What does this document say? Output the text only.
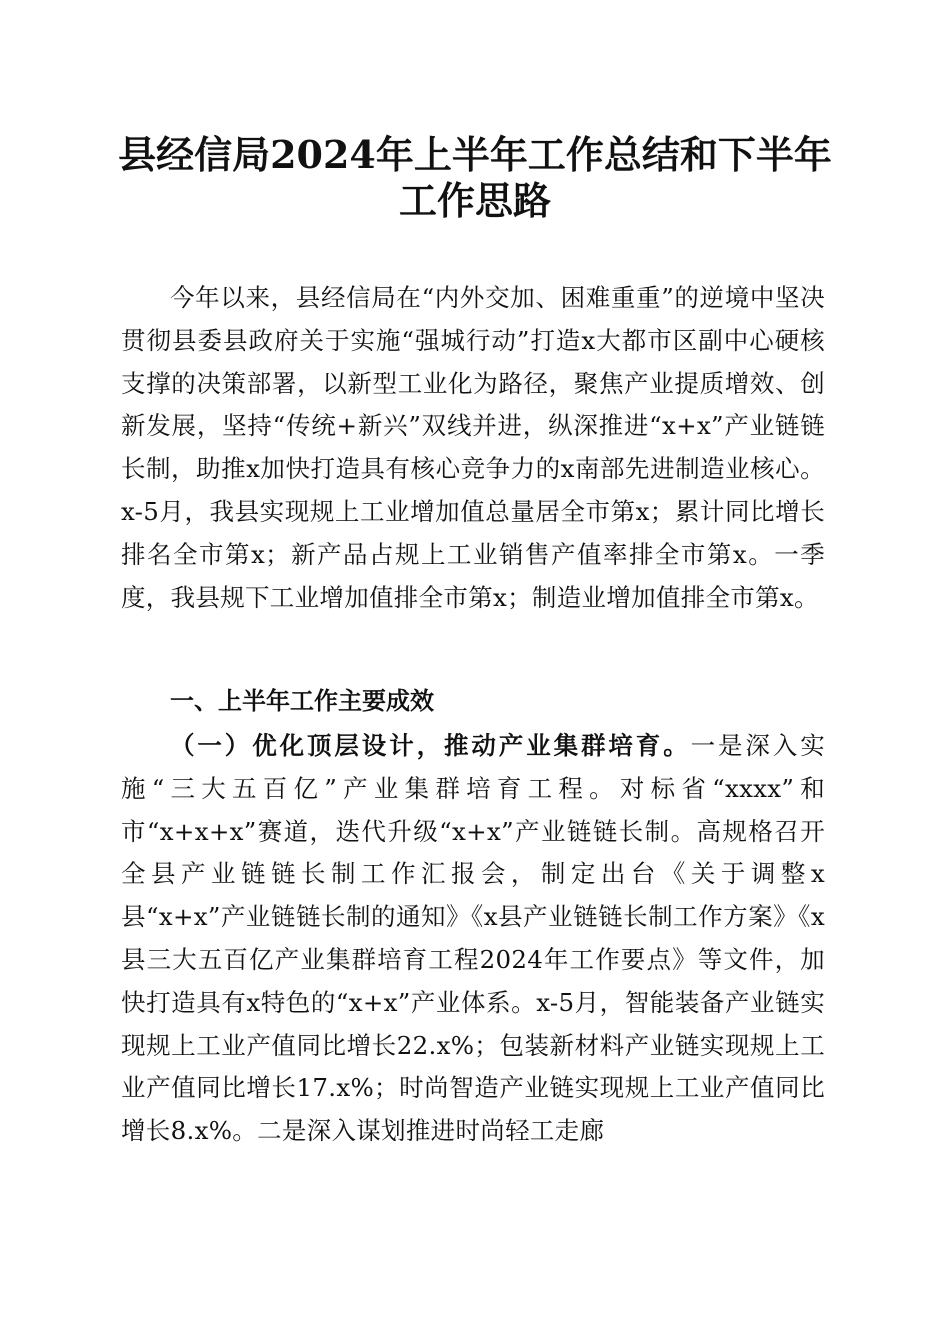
县经信局2024年上半年工作总结和下半年工作思路

今年以来，县经信局在“内外交加、困难重重”的逆境中坚决贯彻县委县政府关于实施“强城行动”打造x大都市区副中心硬核支撑的决策部署，以新型工业化为路径，聚焦产业提质增效、创新发展，坚持“传统+新兴”双线并进，纵深推进“x+x”产业链链长制，助推x加快打造具有核心竞争力的x南部先进制造业核心。x-5月，我县实现规上工业增加值总量居全市第x；累计同比增长排名全市第x；新产品占规上工业销售产值率排全市第x。一季度，我县规下工业增加值排全市第x；制造业增加值排全市第x。

一、上半年工作主要成效

（一）优化顶层设计，推动产业集群培育。一是深入实施“三大五百亿”产业集群培育工程。对标省“xxxx”和市“x+x+x”赛道，迭代升级“x+x”产业链链长制。高规格召开全县产业链链长制工作汇报会，制定出台《关于调整x县“x+x”产业链链长制的通知》《x县产业链链长制工作方案》《x县三大五百亿产业集群培育工程2024年工作要点》等文件，加快打造具有x特色的“x+x”产业体系。x-5月，智能装备产业链实现规上工业产值同比增长22.x%；包装新材料产业链实现规上工业产值同比增长17.x%；时尚智造产业链实现规上工业产值同比增长8.x%。二是深入谋划推进时尚轻工走廊
